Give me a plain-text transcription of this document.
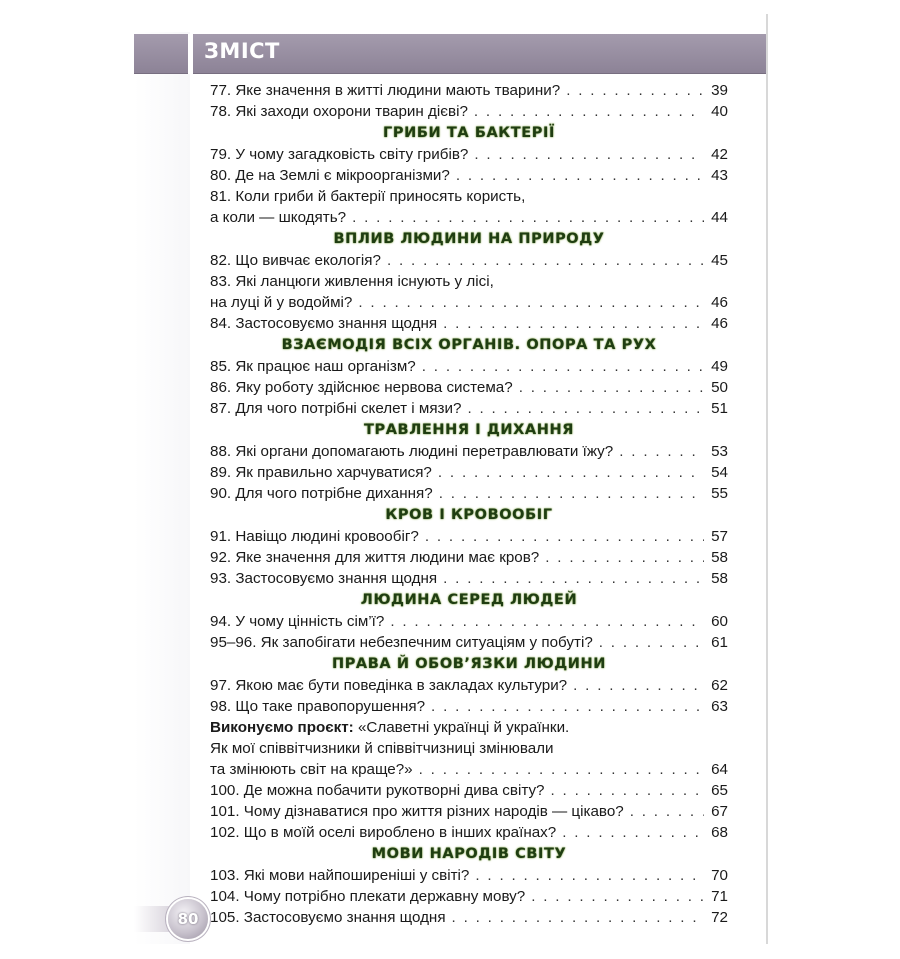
ЗМІСТ
77. Яке значення в житті людини мають тварини? . . .	39
78. Які заходи охорони тварин дієві? . . .	40
ГРИБИ ТА БАКТЕРІЇ
79. У чому загадковість світу грибів? . . .	42
80. Де на Землі є мікроорганізми? . . .	43
81. Коли гриби й бактерії приносять користь,
а коли — шкодять? . . .	44
ВПЛИВ ЛЮДИНИ НА ПРИРОДУ
82. Що вивчає екологія? . . .	45
83. Які ланцюги живлення існують у лісі,
на луці й у водоймі? . . .	46
84. Застосовуємо знання щодня . . .	46
ВЗАЄМОДІЯ ВСІХ ОРГАНІВ. ОПОРА ТА РУХ
85. Як працює наш організм? . . .	49
86. Яку роботу здійснює нервова система? . . .	50
87. Для чого потрібні скелет і мязи? . . .	51
ТРАВЛЕННЯ І ДИХАННЯ
88. Які органи допомагають людині перетравлювати їжу? . . .	53
89. Як правильно харчуватися? . . .	54
90. Для чого потрібне дихання? . . .	55
КРОВ І КРОВООБІГ
91. Навіщо людині кровообіг? . . .	57
92. Яке значення для життя людини має кров? . . .	58
93. Застосовуємо знання щодня . . .	58
ЛЮДИНА СЕРЕД ЛЮДЕЙ
94. У чому цінність сім’ї? . . .	60
95–96. Як запобігати небезпечним ситуаціям у побуті? . . .	61
ПРАВА Й ОБОВ’ЯЗКИ ЛЮДИНИ
97. Якою має бути поведінка в закладах культури? . . .	62
98. Що таке правопорушення? . . .	63
Виконуємо проєкт: «Славетні українці й українки.
Як мої співвітчизники й співвітчизниці змінювали
та змінюють світ на краще?» . . .	64
100. Де можна побачити рукотворні дива світу? . . .	65
101. Чому дізнаватися про життя різних народів — цікаво? . . .	67
102. Що в моїй оселі вироблено в інших країнах? . . .	68
МОВИ НАРОДІВ СВІТУ
103. Які мови найпоширеніші у світі? . . .	70
104. Чому потрібно плекати державну мову? . . .	71
105. Застосовуємо знання щодня . . .	72
80
